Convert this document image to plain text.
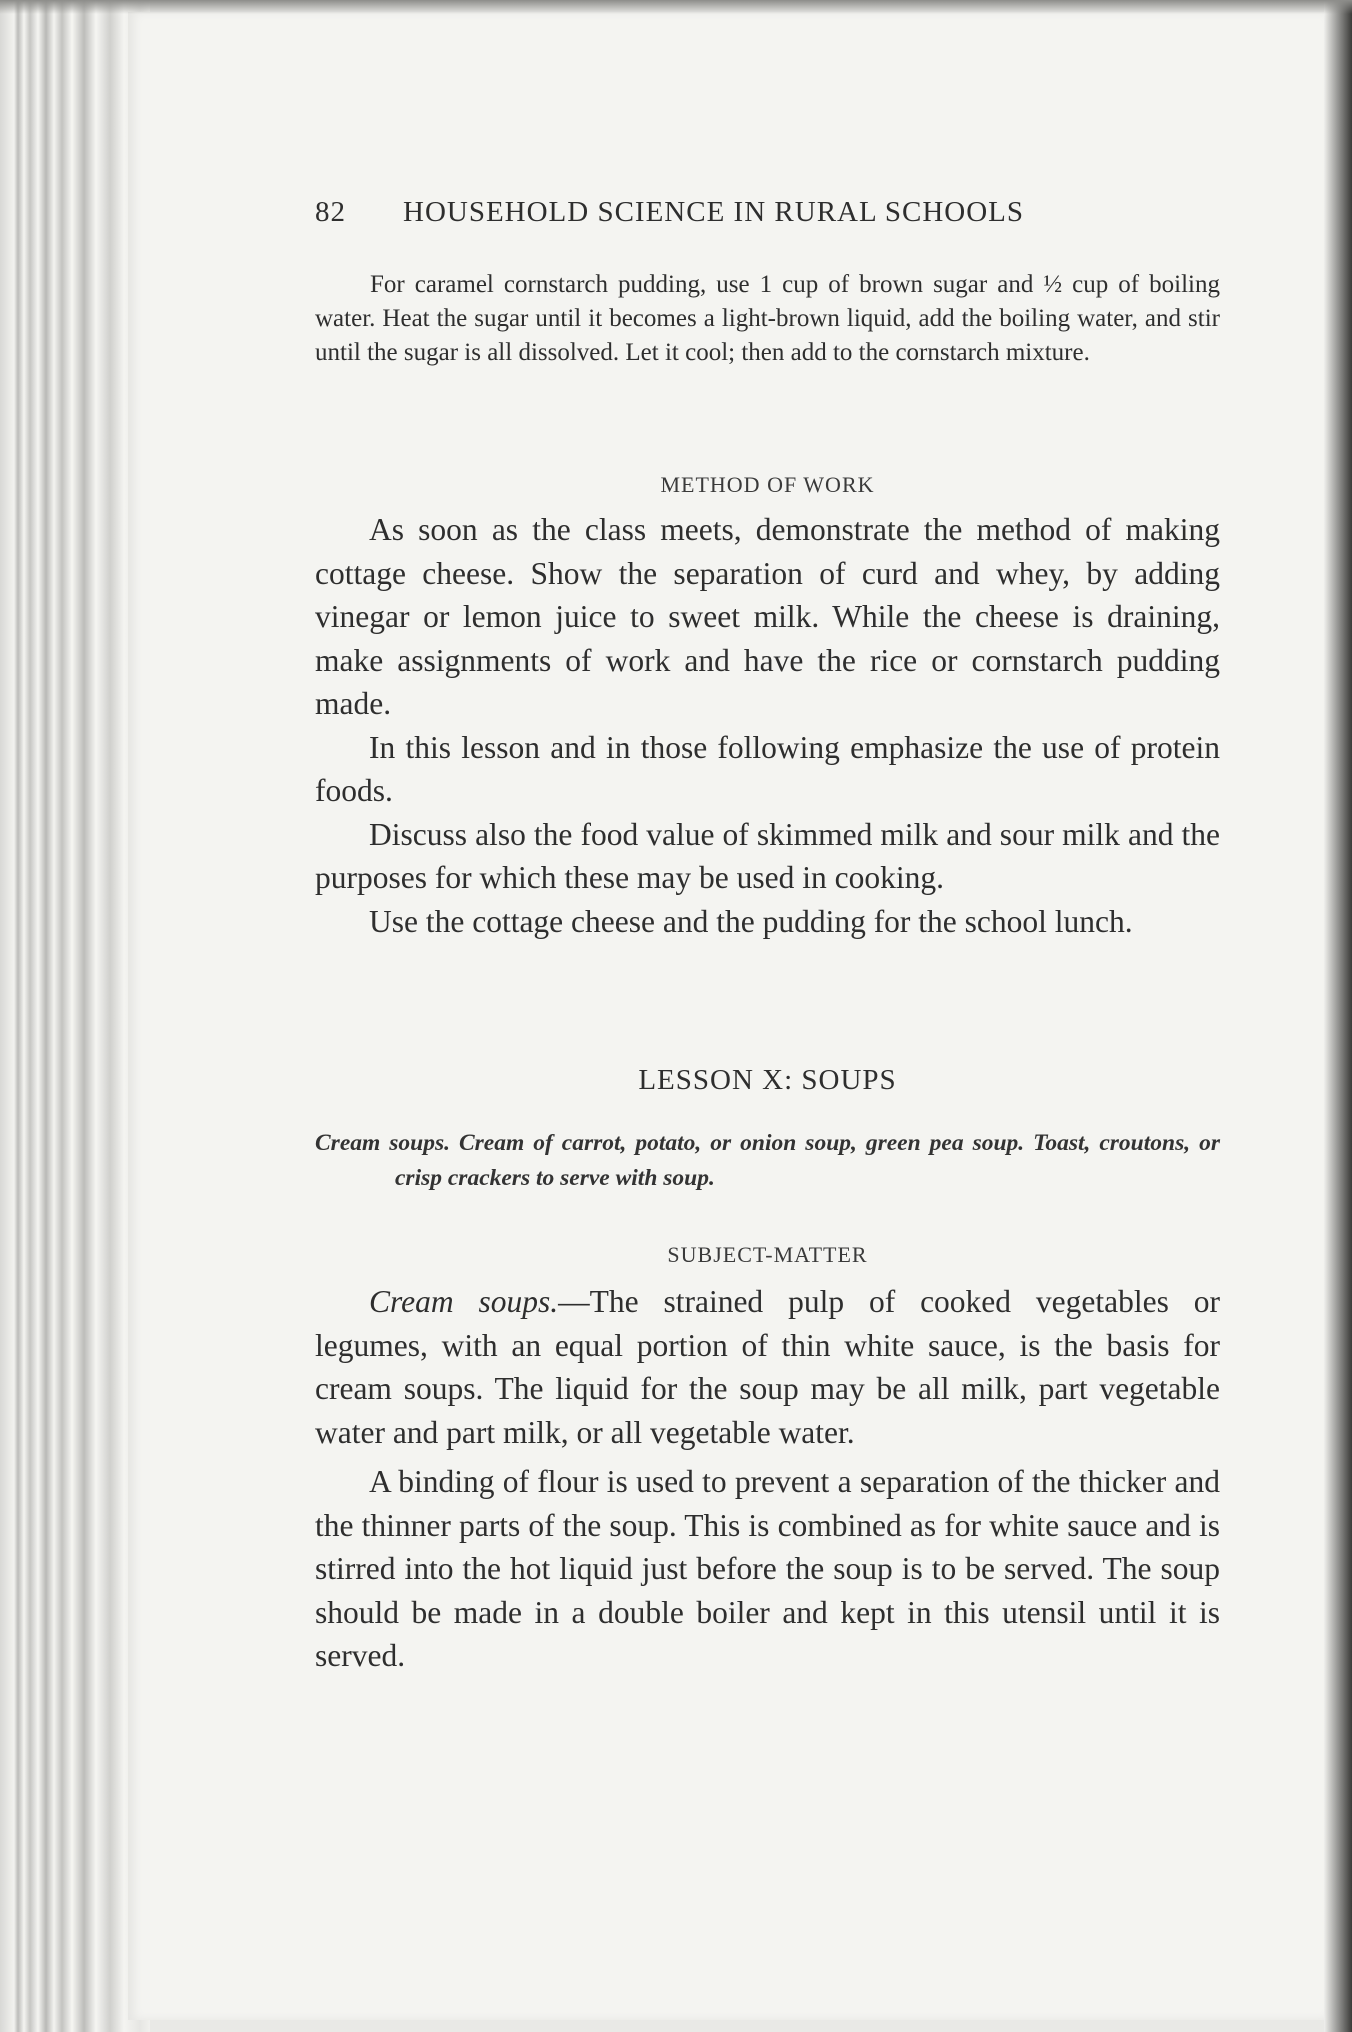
82 HOUSEHOLD SCIENCE IN RURAL SCHOOLS

For caramel cornstarch pudding, use 1 cup of brown sugar and ½ cup of boiling water. Heat the sugar until it becomes a light-brown liquid, add the boiling water, and stir until the sugar is all dissolved. Let it cool; then add to the cornstarch mixture.

METHOD OF WORK

As soon as the class meets, demonstrate the method of making cottage cheese. Show the separation of curd and whey, by adding vinegar or lemon juice to sweet milk. While the cheese is draining, make assignments of work and have the rice or cornstarch pudding made.

In this lesson and in those following emphasize the use of protein foods.

Discuss also the food value of skimmed milk and sour milk and the purposes for which these may be used in cooking.

Use the cottage cheese and the pudding for the school lunch.

LESSON X: SOUPS

Cream soups. Cream of carrot, potato, or onion soup, green pea soup. Toast, croutons, or crisp crackers to serve with soup.

SUBJECT-MATTER

Cream soups.—The strained pulp of cooked vegetables or legumes, with an equal portion of thin white sauce, is the basis for cream soups. The liquid for the soup may be all milk, part vegetable water and part milk, or all vegetable water.

A binding of flour is used to prevent a separation of the thicker and the thinner parts of the soup. This is combined as for white sauce and is stirred into the hot liquid just before the soup is to be served. The soup should be made in a double boiler and kept in this utensil until it is served.
